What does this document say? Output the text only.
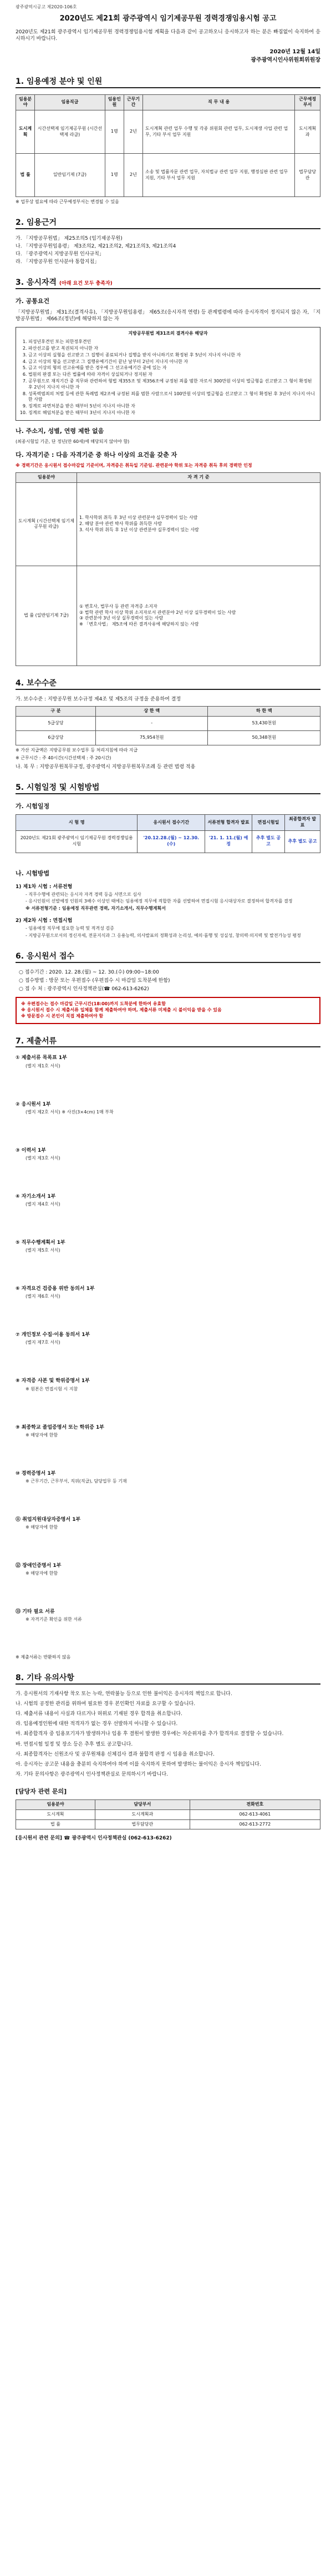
광주광역시공고 제2020-106호
2020년도 제21회 광주광역시 임기제공무원 경력경쟁임용시험 공고

2020년도 제21회 광주광역시 임기제공무원 경력경쟁임용시험 계획을 다음과 같이 공고하오니 응시하고자 하는 분은 빠짐없이 숙지하여 응시하시기 바랍니다.

2020년 12월 14일
광주광역시인사위원회위원장
1. 임용예정 분야 및 인원
임용분야	임용직급	임용인원	근무기간	직 무 내 용	근무예정부서
도시계획	시간선택제 임기제공무원 (시간선택제 라급)	1명	2년	도시계획 관련 업무 수행 및 각종 위원회 관련 업무, 도시재생 사업 관련 업무, 기타 부서 업무 지원	도시계획과
법 률	일반임기제 (7급)	1명	2년	소송 및 법률자문 관련 업무, 자치법규 관련 업무 지원, 행정심판 관련 업무 지원, 기타 부서 업무 지원	법무담당관
※ 업무상 필요에 따라 근무예정부서는 변경될 수 있음
2. 임용근거
가. 「지방공무원법」 제25조의5 (임기제공무원)
나. 「지방공무원임용령」 제3조의2, 제21조의2, 제21조의3, 제21조의4
다. 「광주광역시 지방공무원 인사규칙」
라. 「지방공무원 인사분야 통합지침」
3. 응시자격 (아래 요건 모두 충족자)
가. 공통요건

「지방공무원법」 제31조(결격사유), 「지방공무원임용령」 제65조(응시자격 연령) 등 관계법령에 따라 응시자격이 정지되지 않은 자, 「지방공무원법」 제66조(정년)에 해당하지 않는 자

지방공무원법 제31조의 결격사유 해당자
1. 피성년후견인 또는 피한정후견인
2. 파산선고를 받고 복권되지 아니한 자
3. 금고 이상의 실형을 선고받고 그 집행이 종료되거나 집행을 받지 아니하기로 확정된 후 5년이 지나지 아니한 자
4. 금고 이상의 형을 선고받고 그 집행유예기간이 끝난 날부터 2년이 지나지 아니한 자
5. 금고 이상의 형의 선고유예를 받은 경우에 그 선고유예기간 중에 있는 자
6. 법원의 판결 또는 다른 법률에 따라 자격이 상실되거나 정지된 자
7. 공무원으로 재직기간 중 직무와 관련하여 형법 제355조 및 제356조에 규정된 죄를 범한 자로서 300만원 이상의 벌금형을 선고받고 그 형이 확정된 후 2년이 지나지 아니한 자
8. 성폭력범죄의 처벌 등에 관한 특례법 제2조에 규정된 죄를 범한 사람으로서 100만원 이상의 벌금형을 선고받고 그 형이 확정된 후 3년이 지나지 아니한 사람
9. 징계로 파면처분을 받은 때부터 5년이 지나지 아니한 자
10. 징계로 해임처분을 받은 때부터 3년이 지나지 아니한 자
나. 주소지, 성별, 연령 제한 없음
(최종시험일 기준, 단 정년(만 60세)에 해당되지 않아야 함)
다. 자격기준 : 다음 자격기준 중 하나 이상의 요건을 갖춘 자
※ 경력기간은 응시원서 접수마감일 기준이며, 자격증은 취득일 기준임. 관련분야 학위 또는 자격증 취득 후의 경력만 인정
임용분야	자 격 기 준
도시계획 (시간선택제 임기제공무원 라급)	1. 학사학위 취득 후 3년 이상 관련분야 실무경력이 있는 사람
2. 해당 분야 관련 박사 학위를 취득한 사람
3. 석사 학위 취득 후 1년 이상 관련분야 실무경력이 있는 사람
법 률 (일반임기제 7급)	① 변호사, 법무사 등 관련 자격증 소지자
② 법학 관련 학사 이상 학위 소지자로서 관련분야 2년 이상 실무경력이 있는 사람
③ 관련분야 3년 이상 실무경력이 있는 사람
※ 「변호사법」 제5조에 따른 결격사유에 해당하지 않는 사람
4. 보수수준

가. 보수수준 : 지방공무원 보수규정 제4조 및 제5조의 규정을 준용하여 결정

구 분	상 한 액	하 한 액
5급상당	-	53,430천원
6급상당	75,954천원	50,348천원
※ 가산 지급액은 지방공무원 보수업무 등 처리지침에 따라 지급
※ 근무시간 : 주 40시간(시간선택제 : 주 20시간)

나. 복 무 : 지방공무원복무규정, 광주광역시 지방공무원복무조례 등 관련 법령 적용

5. 시험일정 및 시험방법
가. 시험일정
시 험 명	응시원서 접수기간	서류전형 합격자 발표	면접시험일	최종합격자 발표
2020년도 제21회 광주광역시 임기제공무원 경력경쟁임용시험	'20.12.28.(월) ~ 12.30.(수)	'21. 1. 11.(월) 예정	추후 별도 공고	추후 별도 공고
나. 시험방법
1) 제1차 시험 : 서류전형
- 직무수행에 관련되는 응시자 자격 경력 등을 서면으로 심사
- 응시인원이 선발예정 인원의 3배수 이상인 때에는 임용예정 직무에 적합한 자를 선발하여 면접시험 응시대상자로 결정하여 합격자를 결정
※ 서류전형기준 : 임용예정 직무관련 경력, 자기소개서, 직무수행계획서
2) 제2차 시험 : 면접시험
- 임용예정 직무에 필요한 능력 및 적격성 검증
- 지방공무원으로서의 정신자세, 전문지식과 그 응용능력, 의사발표의 정확성과 논리성, 예의·품행 및 성실성, 창의력·의지력 및 발전가능성 평정
6. 응시원서 접수
○ 접수기간 : 2020. 12. 28.(월) ~ 12. 30.(수) 09:00~18:00
○ 접수방법 : 방문 또는 우편접수 (우편접수 시 마감일 도착분에 한함)
○ 접 수 처 : 광주광역시 인사정책관실(☎ 062-613-6262)
※ 우편접수는 접수 마감일 근무시간(18:00)까지 도착분에 한하여 유효함
※ 응시원서 접수 시 제출서류 일체를 함께 제출하여야 하며, 제출서류 미제출 시 불이익을 받을 수 있음
※ 방문접수 시 본인이 직접 제출하여야 함
7. 제출서류
① 제출서류 목록표 1부
(별지 제1호 서식)
② 응시원서 1부
(별지 제2호 서식) ※ 사진(3×4cm) 1매 부착
③ 이력서 1부
(별지 제3호 서식)
④ 자기소개서 1부
(별지 제4호 서식)
⑤ 직무수행계획서 1부
(별지 제5호 서식)
⑥ 자격요건 검증용 위반 동의서 1부
(별지 제6호 서식)
⑦ 개인정보 수집·이용 동의서 1부
(별지 제7호 서식)
⑧ 자격증 사본 및 학위증명서 1부
※ 원본은 면접시험 시 지참
⑨ 최종학교 졸업증명서 또는 학위증 1부
※ 해당자에 한함
⑩ 경력증명서 1부
※ 근무기간, 근무부서, 직위(직급), 담당업무 등 기재
⑪ 취업지원대상자증명서 1부
※ 해당자에 한함
⑫ 장애인증명서 1부
※ 해당자에 한함
⑬ 기타 필요 서류
※ 자격기준 확인을 위한 서류
※ 제출서류는 반환하지 않음
8. 기타 유의사항

가. 응시원서의 기재사항 착오 또는 누락, 연락불능 등으로 인한 불이익은 응시자의 책임으로 합니다.

나. 시험의 공정한 관리를 위하여 필요한 경우 본인확인 자료를 요구할 수 있습니다.

다. 제출서류 내용이 사실과 다르거나 허위로 기재된 경우 합격을 취소합니다.

라. 임용예정인원에 대한 적격자가 없는 경우 선발하지 아니할 수 있습니다.

마. 최종합격자 중 임용포기자가 발생하거나 임용 후 결원이 발생한 경우에는 차순위자를 추가 합격자로 결정할 수 있습니다.

바. 면접시험 일정 및 장소 등은 추후 별도 공고합니다.

사. 최종합격자는 신원조사 및 공무원채용 신체검사 결과 불합격 판정 시 임용을 취소합니다.

아. 응시자는 공고문 내용을 충분히 숙지하여야 하며 이를 숙지하지 못하여 발생하는 불이익은 응시자 책임입니다.

자. 기타 문의사항은 광주광역시 인사정책관실로 문의하시기 바랍니다.

[담당자 관련 문의]
임용분야	담당부서	전화번호
도시계획	도시계획과	062-613-4061
법 률	법무담당관	062-613-2772
[응시원서 관련 문의] ☎ 광주광역시 인사정책관실 (062-613-6262)
